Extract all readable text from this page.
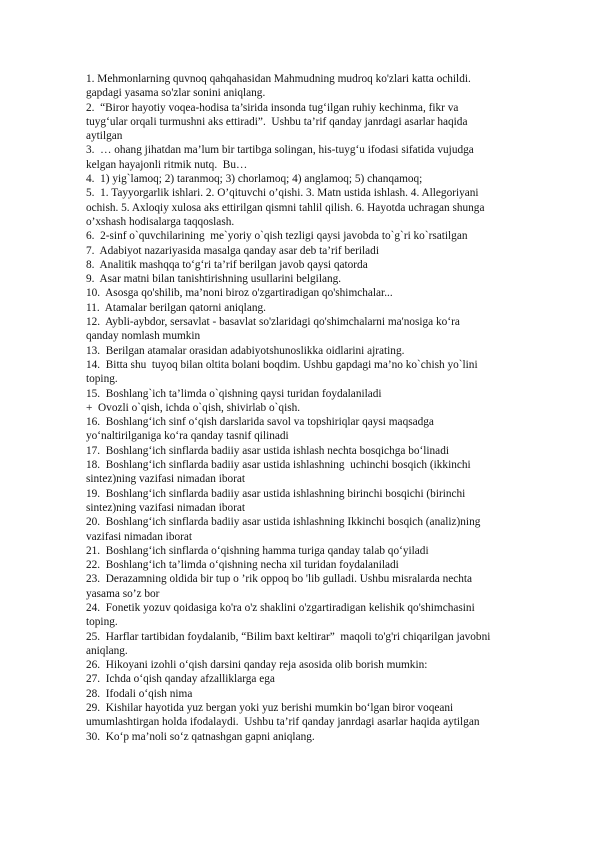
1. Mehmonlarning quvnoq qahqahasidan Mahmudning mudroq ko'zlari katta ochildi.
gapdagi yasama so'zlar sonini aniqlang.
2.  “Biror hayotiy voqea-hodisa ta’sirida insonda tug‘ilgan ruhiy kechinma, fikr va
tuyg‘ular orqali turmushni aks ettiradi”.  Ushbu ta’rif qanday janrdagi asarlar haqida
aytilgan
3.  … ohang jihatdan ma’lum bir tartibga solingan, his-tuyg‘u ifodasi sifatida vujudga
kelgan hayajonli ritmik nutq.  Bu…
4.  1) yig`lamoq; 2) taranmoq; 3) chorlamoq; 4) anglamoq; 5) chanqamoq;
5.  1. Tayyorgarlik ishlari. 2. O’qituvchi o’qishi. 3. Matn ustida ishlash. 4. Allegoriyani
ochish. 5. Axloqiy xulosa aks ettirilgan qismni tahlil qilish. 6. Hayotda uchragan shunga
o’xshash hodisalarga taqqoslash.
6.  2-sinf o`quvchilarining  me`yoriy o`qish tezligi qaysi javobda to`g`ri ko`rsatilgan
7.  Adabiyot nazariyasida masalga qanday asar deb ta’rif beriladi
8.  Analitik mashqqa to‘g‘ri ta’rif berilgan javob qaysi qatorda
9.  Asar matni bilan tanishtirishning usullarini belgilang.
10.  Asosga qo'shilib, ma’noni biroz o'zgartiradigan qo'shimchalar...
11.  Atamalar berilgan qatorni aniqlang.
12.  Aybli-aybdor, sersavlat - basavlat so'zlaridagi qo'shimchalarni ma'nosiga ko‘ra
qanday nomlash mumkin
13.  Berilgan atamalar orasidan adabiyotshunoslikka oidlarini ajrating.
14.  Bitta shu  tuyoq bilan oltita bolani boqdim. Ushbu gapdagi ma’no ko`chish yo`lini
toping.
15.  Boshlang`ich ta’limda o`qishning qaysi turidan foydalaniladi
+  Ovozli o`qish, ichda o`qish, shivirlab o`qish.
16.  Boshlang‘ich sinf o‘qish darslarida savol va topshiriqlar qaysi maqsadga
yo‘naltirilganiga ko‘ra qanday tasnif qilinadi
17.  Boshlang‘ich sinflarda badiiy asar ustida ishlash nechta bosqichga bo‘linadi
18.  Boshlang‘ich sinflarda badiiy asar ustida ishlashning  uchinchi bosqich (ikkinchi
sintez)ning vazifasi nimadan iborat
19.  Boshlang‘ich sinflarda badiiy asar ustida ishlashning birinchi bosqichi (birinchi
sintez)ning vazifasi nimadan iborat
20.  Boshlang‘ich sinflarda badiiy asar ustida ishlashning Ikkinchi bosqich (analiz)ning
vazifasi nimadan iborat
21.  Boshlang‘ich sinflarda o‘qishning hamma turiga qanday talab qo‘yiladi
22.  Boshlang‘ich ta’limda o‘qishning necha xil turidan foydalaniladi
23.  Derazamning oldida bir tup o ’rik oppoq bo 'lib gulladi. Ushbu misralarda nechta
yasama so’z bor
24.  Fonetik yozuv qoidasiga ko'ra o'z shaklini o'zgartiradigan kelishik qo'shimchasini
toping.
25.  Harflar tartibidan foydalanib, “Bilim baxt keltirar”  maqoli to'g'ri chiqarilgan javobni
aniqlang.
26.  Hikoyani izohli o‘qish darsini qanday reja asosida olib borish mumkin:
27.  Ichda o‘qish qanday afzalliklarga ega
28.  Ifodali o‘qish nima
29.  Kishilar hayotida yuz bergan yoki yuz berishi mumkin bo‘lgan biror voqeani
umumlashtirgan holda ifodalaydi.  Ushbu ta’rif qanday janrdagi asarlar haqida aytilgan
30.  Ko‘p ma’noli so‘z qatnashgan gapni aniqlang.
